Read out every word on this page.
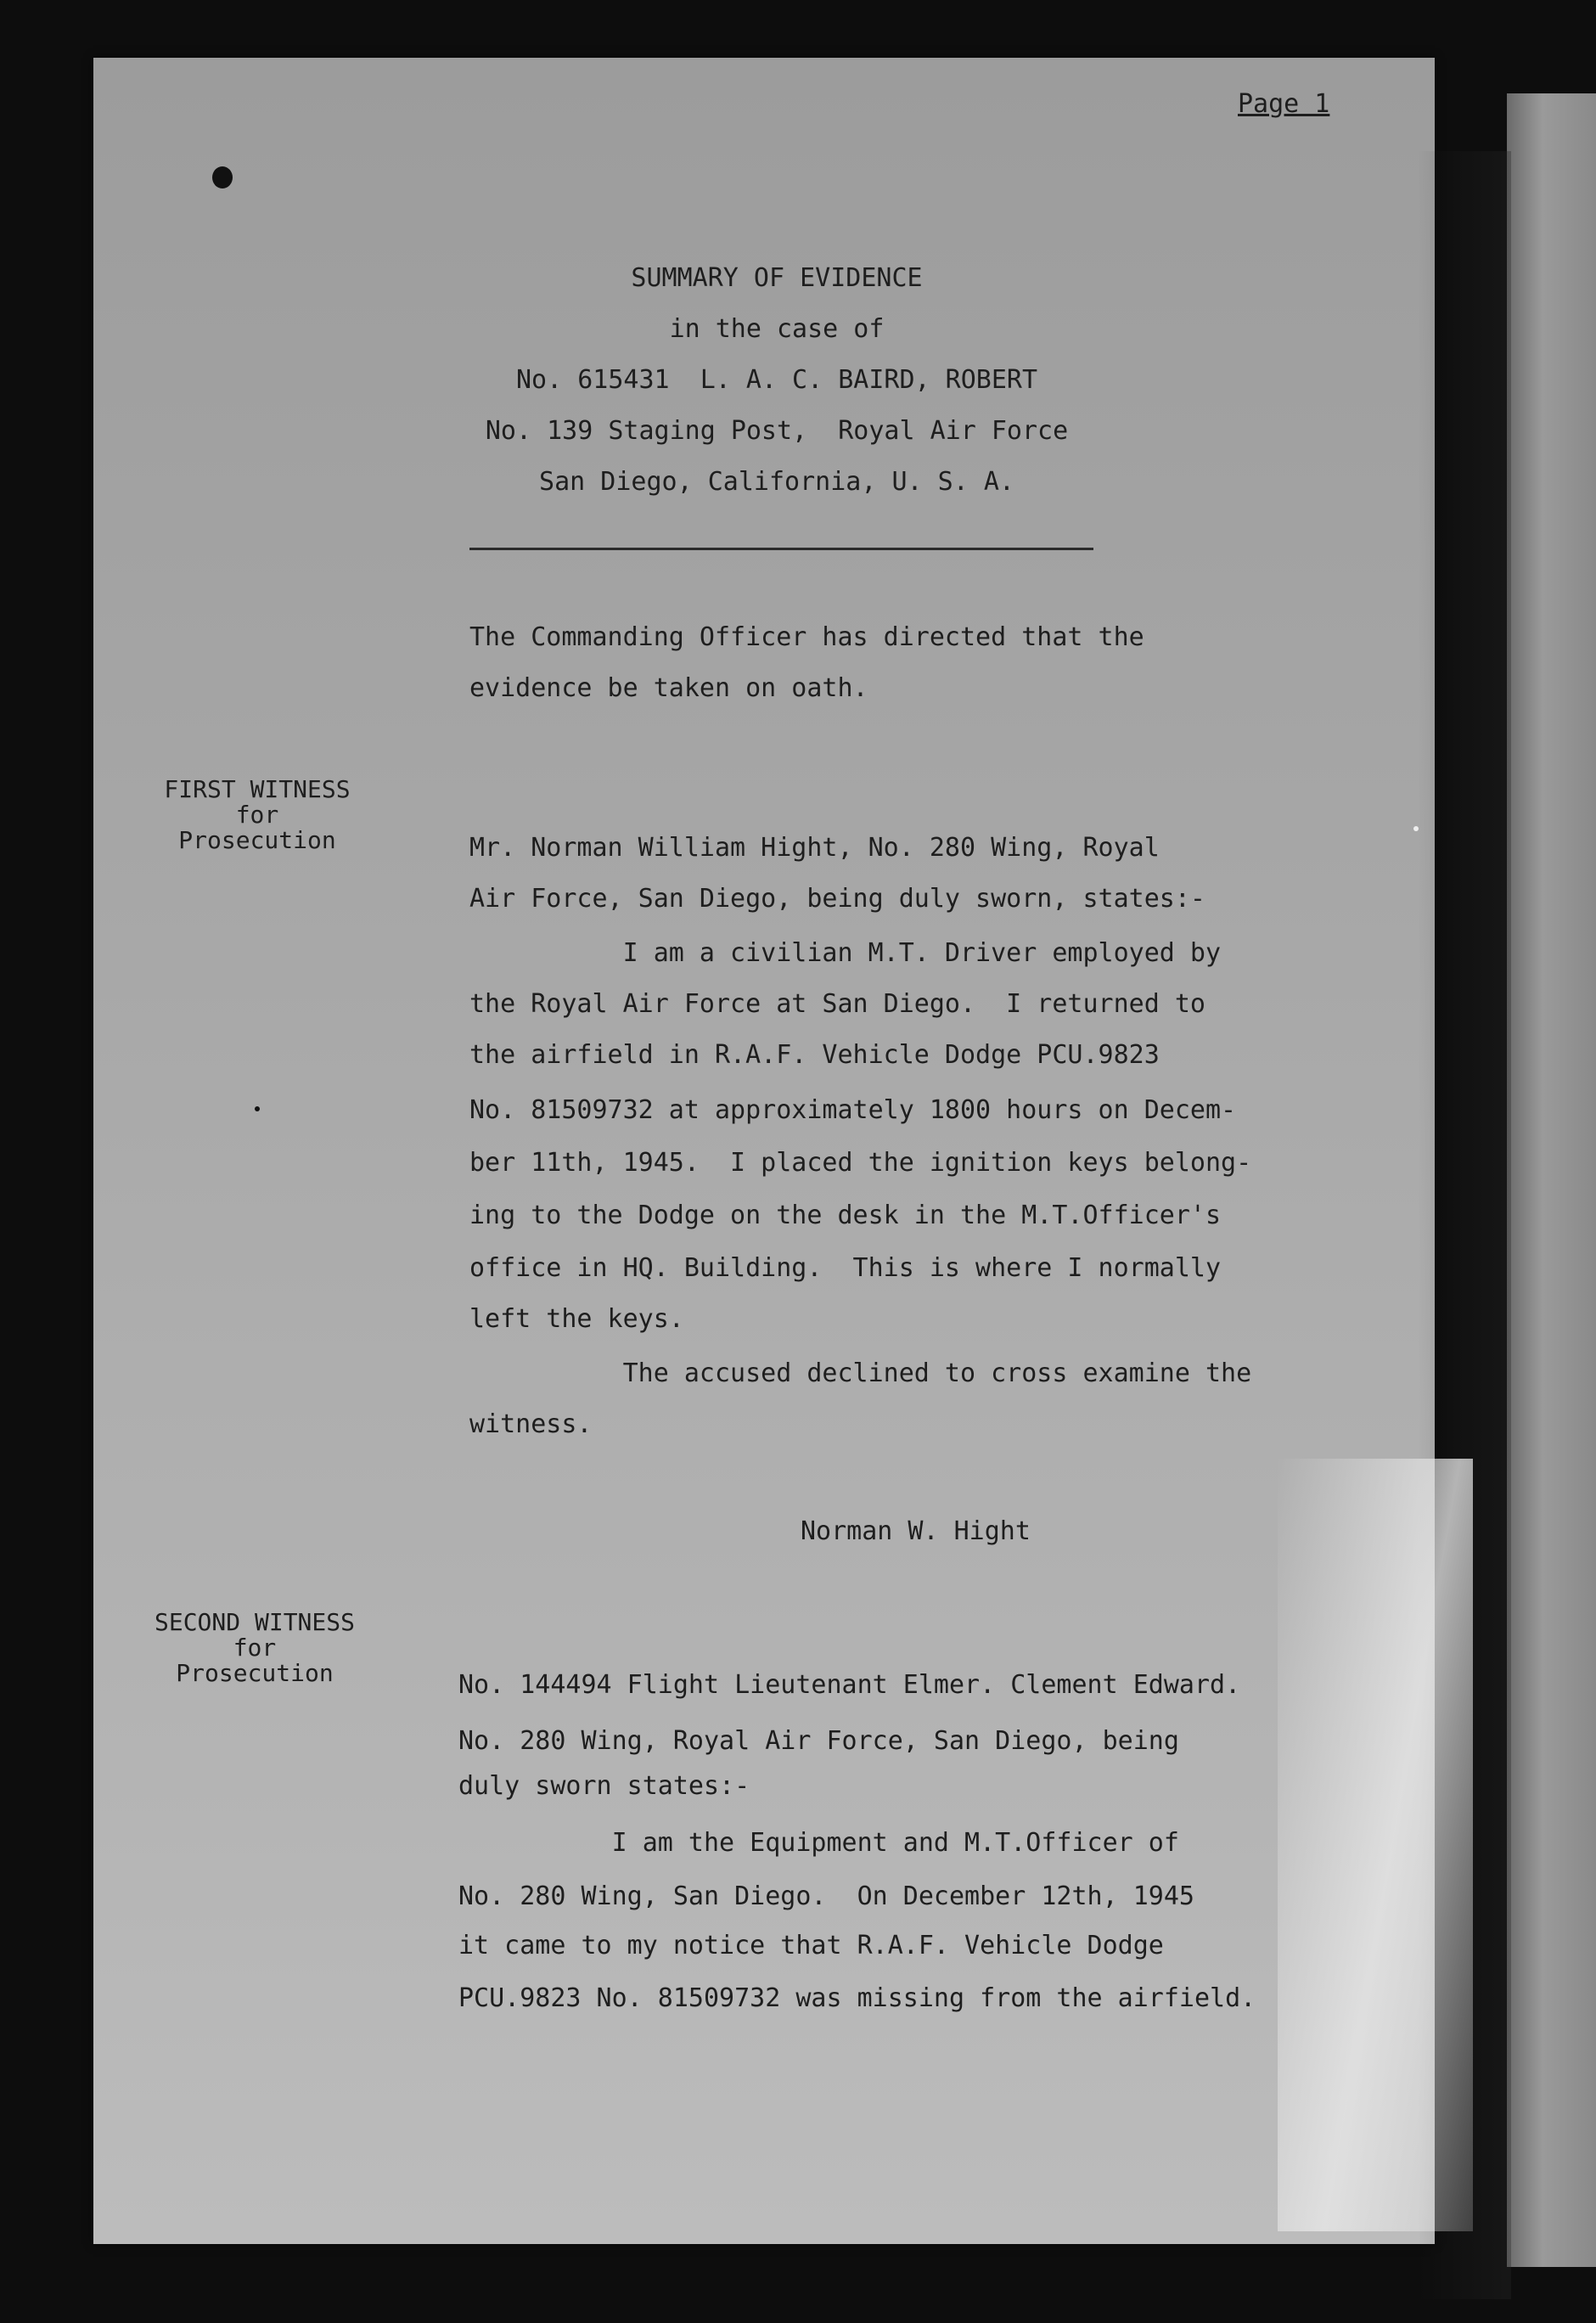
Page 1

SUMMARY OF EVIDENCE

in the case of

No. 615431  L. A. C. BAIRD, ROBERT

No. 139 Staging Post,  Royal Air Force

San Diego, California, U. S. A.

The Commanding Officer has directed that the

evidence be taken on oath.

FIRST WITNESS

for

Prosecution	Mr. Norman William Hight, No. 280 Wing, Royal

Air Force, San Diego, being duly sworn, states:-

I am a civilian M.T. Driver employed by

the Royal Air Force at San Diego.  I returned to

the airfield in R.A.F. Vehicle Dodge PCU.9823

No. 81509732 at approximately 1800 hours on Decem-

ber 11th, 1945.  I placed the ignition keys belong-

ing to the Dodge on the desk in the M.T.Officer's

office in HQ. Building.  This is where I normally

left the keys.

The accused declined to cross examine the

witness.

Norman W. Hight

SECOND WITNESS

for

Prosecution	No. 144494 Flight Lieutenant Elmer. Clement Edward.

No. 280 Wing, Royal Air Force, San Diego, being

duly sworn states:-

I am the Equipment and M.T.Officer of

No. 280 Wing, San Diego.  On December 12th, 1945

it came to my notice that R.A.F. Vehicle Dodge

PCU.9823 No. 81509732 was missing from the airfield.
